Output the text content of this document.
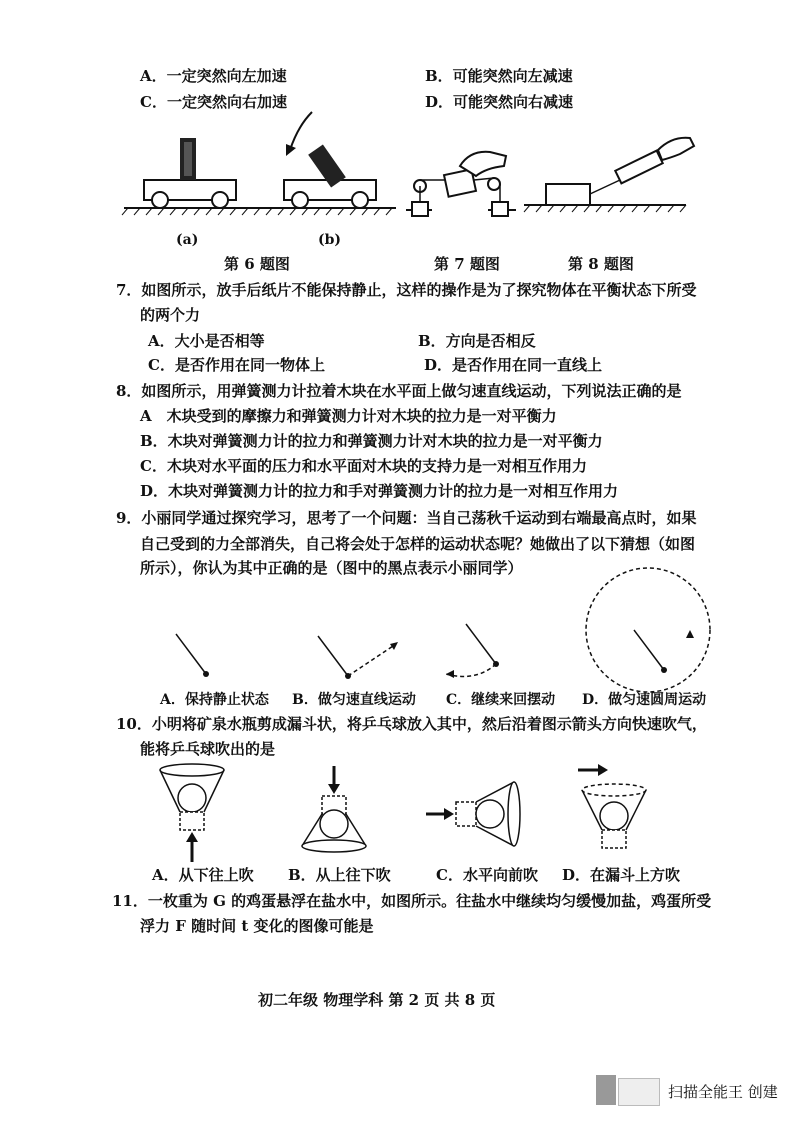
A．一定突然向左加速	B．可能突然向左减速
C．一定突然向右加速	D．可能突然向右减速
(a)	(b)
第 6 题图	第 7 题图	第 8 题图
7．如图所示，放手后纸片不能保持静止，这样的操作是为了探究物体在平衡状态下所受
的两个力
A．大小是否相等	B．方向是否相反
C．是否作用在同一物体上	D．是否作用在同一直线上
8．如图所示，用弹簧测力计拉着木块在水平面上做匀速直线运动，下列说法正确的是
A　木块受到的摩擦力和弹簧测力计对木块的拉力是一对平衡力
B．木块对弹簧测力计的拉力和弹簧测力计对木块的拉力是一对平衡力
C．木块对水平面的压力和水平面对木块的支持力是一对相互作用力
D．木块对弹簧测力计的拉力和手对弹簧测力计的拉力是一对相互作用力
9．小丽同学通过探究学习，思考了一个问题：当自己荡秋千运动到右端最高点时，如果
自己受到的力全部消失，自己将会处于怎样的运动状态呢？她做出了以下猜想（如图
所示），你认为其中正确的是（图中的黑点表示小丽同学）
A．保持静止状态 B．做匀速直线运动 C．继续来回摆动 D．做匀速圆周运动
10．小明将矿泉水瓶剪成漏斗状，将乒乓球放入其中，然后沿着图示箭头方向快速吹气，
能将乒乓球吹出的是
A．从下往上吹 B．从上往下吹	C．水平向前吹 D．在漏斗上方吹
11．一枚重为 G 的鸡蛋悬浮在盐水中，如图所示。往盐水中继续均匀缓慢加盐，鸡蛋所受
浮力 F 随时间 t 变化的图像可能是
初二年级 物理学科 第 2 页 共 8 页
扫描全能王 创建
